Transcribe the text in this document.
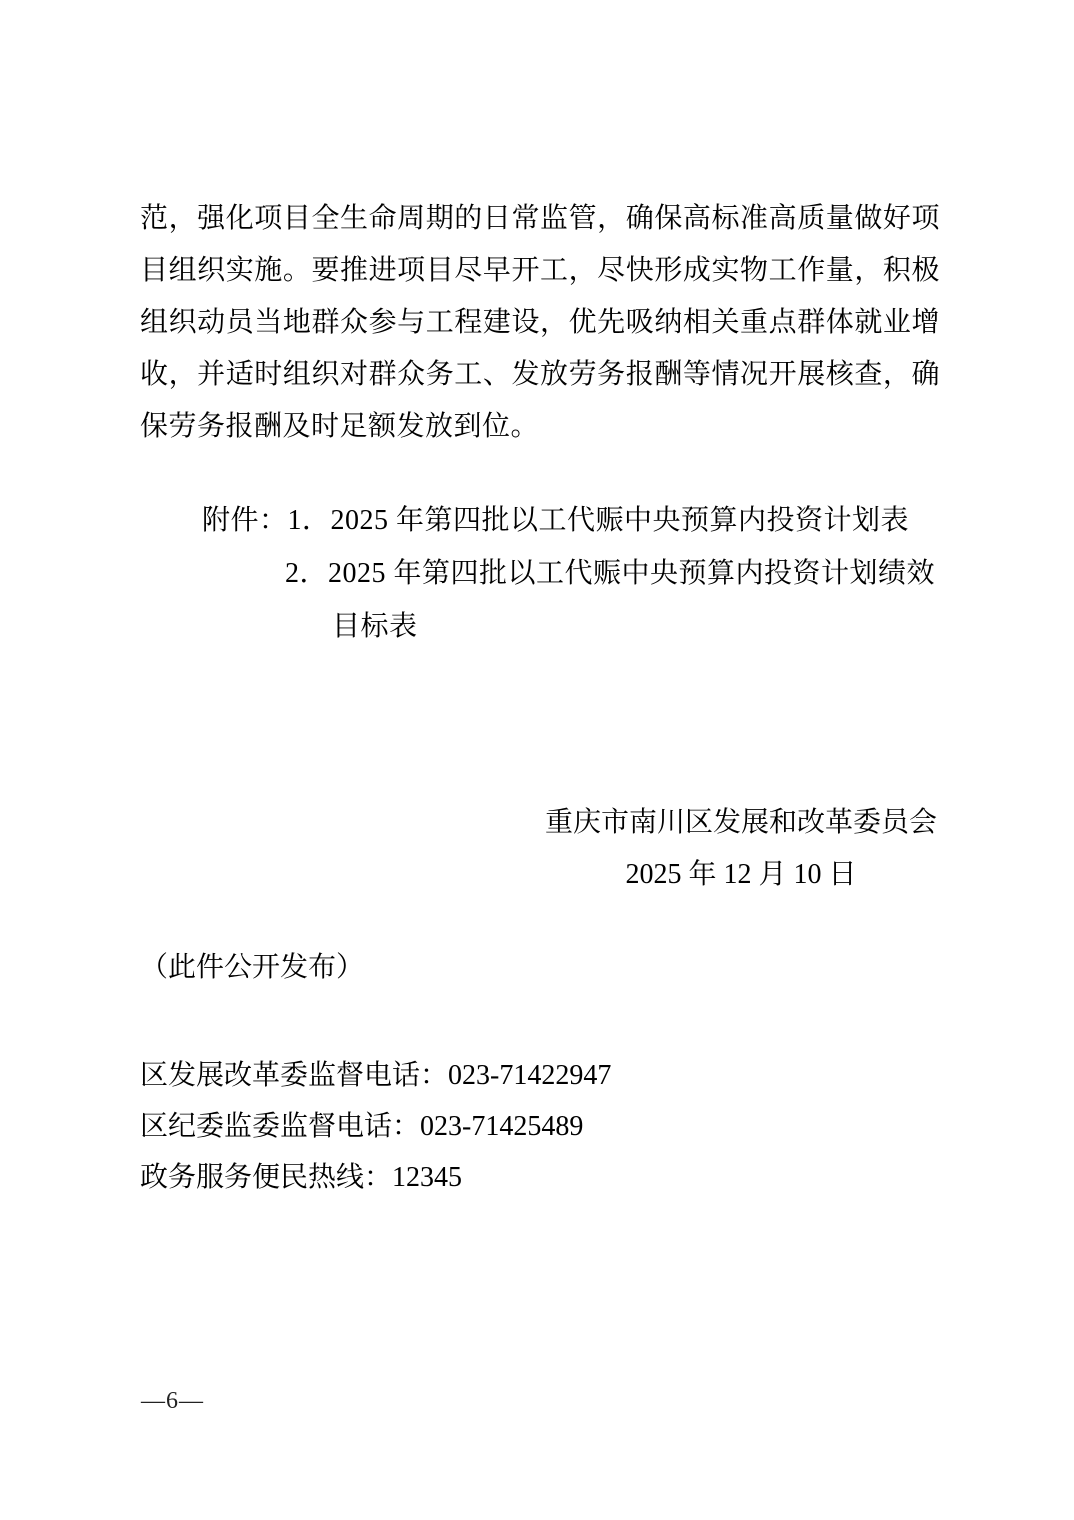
范，强化项目全生命周期的日常监管，确保高标准高质量做好项
目组织实施。要推进项目尽早开工，尽快形成实物工作量，积极
组织动员当地群众参与工程建设，优先吸纳相关重点群体就业增
收，并适时组织对群众务工、发放劳务报酬等情况开展核查，确
保劳务报酬及时足额发放到位。
附件：1．2025 年第四批以工代赈中央预算内投资计划表
2．2025 年第四批以工代赈中央预算内投资计划绩效
目标表
重庆市南川区发展和改革委员会
2025 年 12 月 10 日
（此件公开发布）
区发展改革委监督电话：023-71422947
区纪委监委监督电话：023-71425489
政务服务便民热线：12345
—6—
